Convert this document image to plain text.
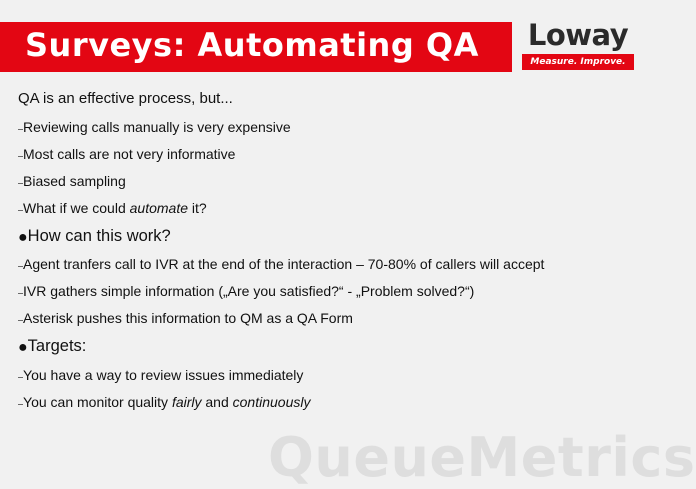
Surveys: Automating QA Loway
Measure. Improve.
QA is an effective process, but...
–Reviewing calls manually is very expensive
–Most calls are not very informative
–Biased sampling
–What if we could automate it?
●How can this work?
–Agent tranfers call to IVR at the end of the interaction – 70-80% of callers will accept
–IVR gathers simple information („Are you satisfied?“ - „Problem solved?“)
–Asterisk pushes this information to QM as a QA Form
●Targets:
–You have a way to review issues immediately
–You can monitor quality fairly and continuously
QueueMetrics
